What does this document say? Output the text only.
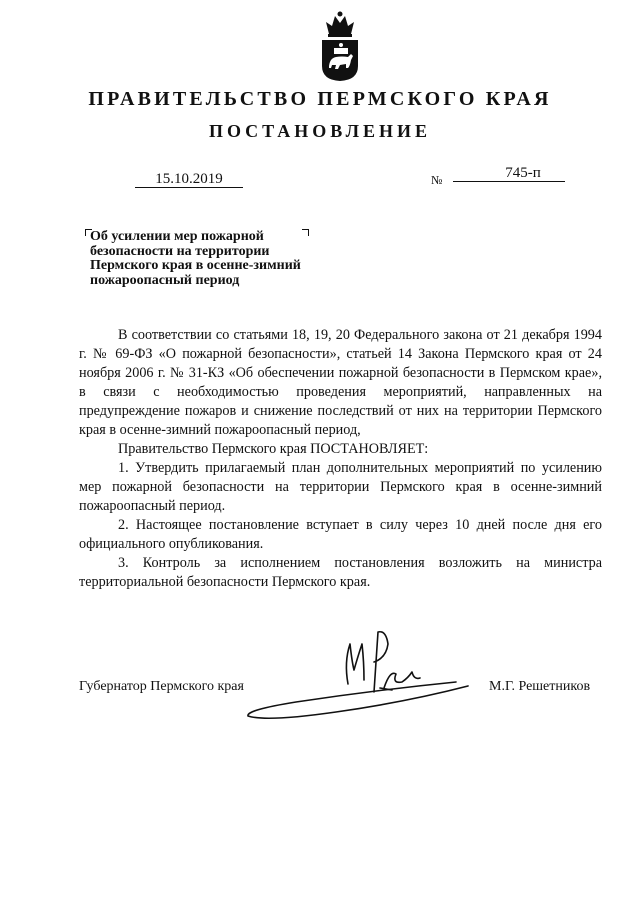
ПРАВИТЕЛЬСТВО ПЕРМСКОГО КРАЯ
ПОСТАНОВЛЕНИЕ
15.10.2019	№	745-п
Об усилении мер пожарной
безопасности на территории
Пермского края в осенне-зимний
пожароопасный период

В соответствии со статьями 18, 19, 20 Федерального закона от 21 декабря 1994 г. № 69-ФЗ «О пожарной безопасности», статьей 14 Закона Пермского края от 24 ноября 2006 г. № 31-КЗ «Об обеспечении пожарной безопасности в Пермском крае», в связи с необходимостью проведения мероприятий, направленных на предупреждение пожаров и снижение последствий от них на территории Пермского края в осенне-зимний пожароопасный период,

Правительство Пермского края ПОСТАНОВЛЯЕТ:

1. Утвердить прилагаемый план дополнительных мероприятий по усилению мер пожарной безопасности на территории Пермского края в осенне-зимний пожароопасный период.

2. Настоящее постановление вступает в силу через 10 дней после дня его официального опубликования.

3. Контроль за исполнением постановления возложить на министра территориальной безопасности Пермского края.

Губернатор Пермского края	М.Г. Решетников
